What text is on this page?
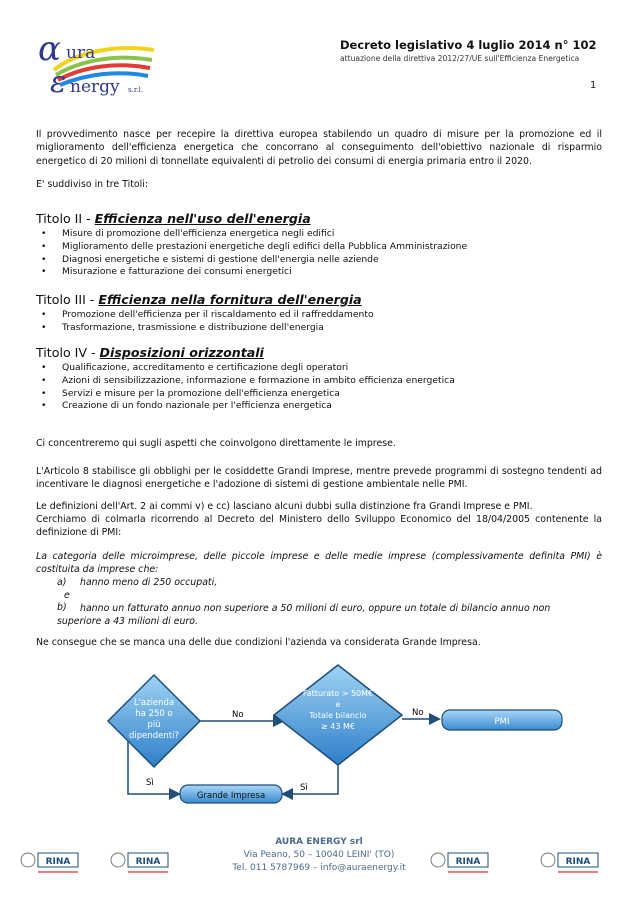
α ura
ε nergy s.r.l.
Decreto legislativo 4 luglio 2014 n° 102
attuazione della direttiva 2012/27/UE sull'Efficienza Energetica
1
Il provvedimento nasce per recepire la direttiva europea stabilendo un quadro di misure per la promozione ed il miglioramento dell'efficienza energetica che concorrano al conseguimento dell'obiettivo nazionale di risparmio energetico di 20 milioni di tonnellate equivalenti di petrolio dei consumi di energia primaria entro il 2020.
E' suddiviso in tre Titoli:
Titolo II - Efficienza nell'uso dell'energia
• Misure di promozione dell'efficienza energetica negli edifici
• Miglioramento delle prestazioni energetiche degli edifici della Pubblica Amministrazione
• Diagnosi energetiche e sistemi di gestione dell'energia nelle aziende
• Misurazione e fatturazione dei consumi energetici
Titolo III - Efficienza nella fornitura dell'energia
• Promozione dell'efficienza per il riscaldamento ed il raffreddamento
• Trasformazione, trasmissione e distribuzione dell'energia
Titolo IV - Disposizioni orizzontali
• Qualificazione, accreditamento e certificazione degli operatori
• Azioni di sensibilizzazione, informazione e formazione in ambito efficienza energetica
• Servizi e misure per la promozione dell'efficienza energetica
• Creazione di un fondo nazionale per l'efficienza energetica
Ci concentreremo qui sugli aspetti che coinvolgono direttamente le imprese.
L'Articolo 8 stabilisce gli obblighi per le cosiddette Grandi Imprese, mentre prevede programmi di sostegno tendenti ad incentivare le diagnosi energetiche e l'adozione di sistemi di gestione ambientale nelle PMI.
Le definizioni dell'Art. 2 ai commi v) e cc) lasciano alcuni dubbi sulla distinzione fra Grandi Imprese e PMI.
Cerchiamo di colmarla ricorrendo al Decreto del Ministero dello Sviluppo Economico del 18/04/2005 contenente la definizione di PMI:
La categoria delle microimprese, delle piccole imprese e delle medie imprese (complessivamente definita PMI) è costituita da imprese che:
a) hanno meno di 250 occupati,
e
b)	hanno un fatturato annuo non superiore a 50 milioni di euro, oppure un totale di bilancio annuo non superiore a 43 milioni di euro.
Ne consegue che se manca una delle due condizioni l'azienda va considerata Grande Impresa.
L'azienda
ha 250 o
più
dipendenti?
No
Fatturato > 50M€
e
Totale bilancio
≥ 43 M€
No
PMI
Sì	Sì
Grande Impresa
RINA	RINA
AURA ENERGY srl
Via Peano, 50 – 10040 LEINI' (TO)
Tel. 011 5787969 – info@auraenergy.it
RINA	RINA
